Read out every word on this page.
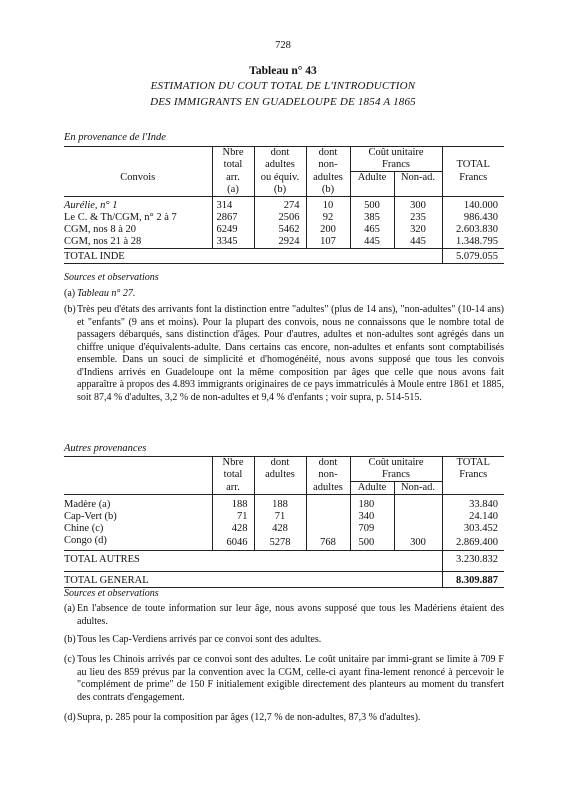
728
Tableau n° 43
ESTIMATION DU COUT TOTAL DE L'INTRODUCTION
DES IMMIGRANTS EN GUADELOUPE DE 1854 A 1865
En provenance de l'Inde
	Nbre	dont	dont	Coût unitaire		
	total	adultes	non-	Francs		TOTAL
Convois	arr.	ou équiv.	adultes	Adulte	Non-ad.	Francs
	(a)	(b)	(b)			
Aurélie, n° 1	314	274	10	500	300	140.000
Le C. & Th/CGM, n° 2 à 7	2867	2506	92	385	235	986.430
CGM, nos 8 à 20	6249	5462	200	465	320	2.603.830
CGM, nos 21 à 28	3345	2924	107	445	445	1.348.795
TOTAL INDE						5.079.055
Sources et observations
(a) Tableau n° 27.
(b) Très peu d'états des arrivants font la distinction entre "adultes" (plus de 14 ans), "non-adultes" (10-14 ans) et "enfants" (9 ans et moins). Pour la plupart des convois, nous ne connaissons que le nombre total de passagers débarqués, sans distinction d'âges. Pour d'autres, adultes et non-adultes sont agrégés dans un chiffre unique d'équivalents-adulte. Dans certains cas encore, non-adultes et enfants sont comptabilisés ensemble. Dans un souci de simplicité et d'homogénéité, nous avons supposé que tous les convois d'Indiens arrivés en Guadeloupe ont la même composition par âges que celle que nous avons fait apparaître à propos des 4.893 immigrants originaires de ce pays immatriculés à Moule entre 1861 et 1885, soit 87,4 % d'adultes, 3,2 % de non-adultes et 9,4 % d'enfants ; voir supra, p. 514-515.
Autres provenances
	Nbre	dont	dont	Coût unitaire		TOTAL
	total	adultes	non-	Francs		Francs
	arr.		adultes	Adulte	Non-ad.	
Madère (a)	188	188		180		33.840
Cap-Vert (b)	71	71		340		24.140
Chine (c)	428	428		709		303.452
Congo (d)	6046	5278	768	500	300	2.869.400
TOTAL AUTRES						3.230.832
TOTAL GENERAL						8.309.887
Sources et observations
(a) En l'absence de toute information sur leur âge, nous avons supposé que tous les Madériens étaient des adultes.
(b) Tous les Cap-Verdiens arrivés par ce convoi sont des adultes.
(c) Tous les Chinois arrivés par ce convoi sont des adultes. Le coût unitaire par immi-grant se limite à 709 F au lieu des 859 prévus par la convention avec la CGM, celle-ci ayant fina-lement renoncé à percevoir le "complément de prime" de 150 F initialement exigible directement des planteurs au moment du transfert des contrats d'engagement.
(d) Supra, p. 285 pour la composition par âges (12,7 % de non-adultes, 87,3 % d'adultes).
